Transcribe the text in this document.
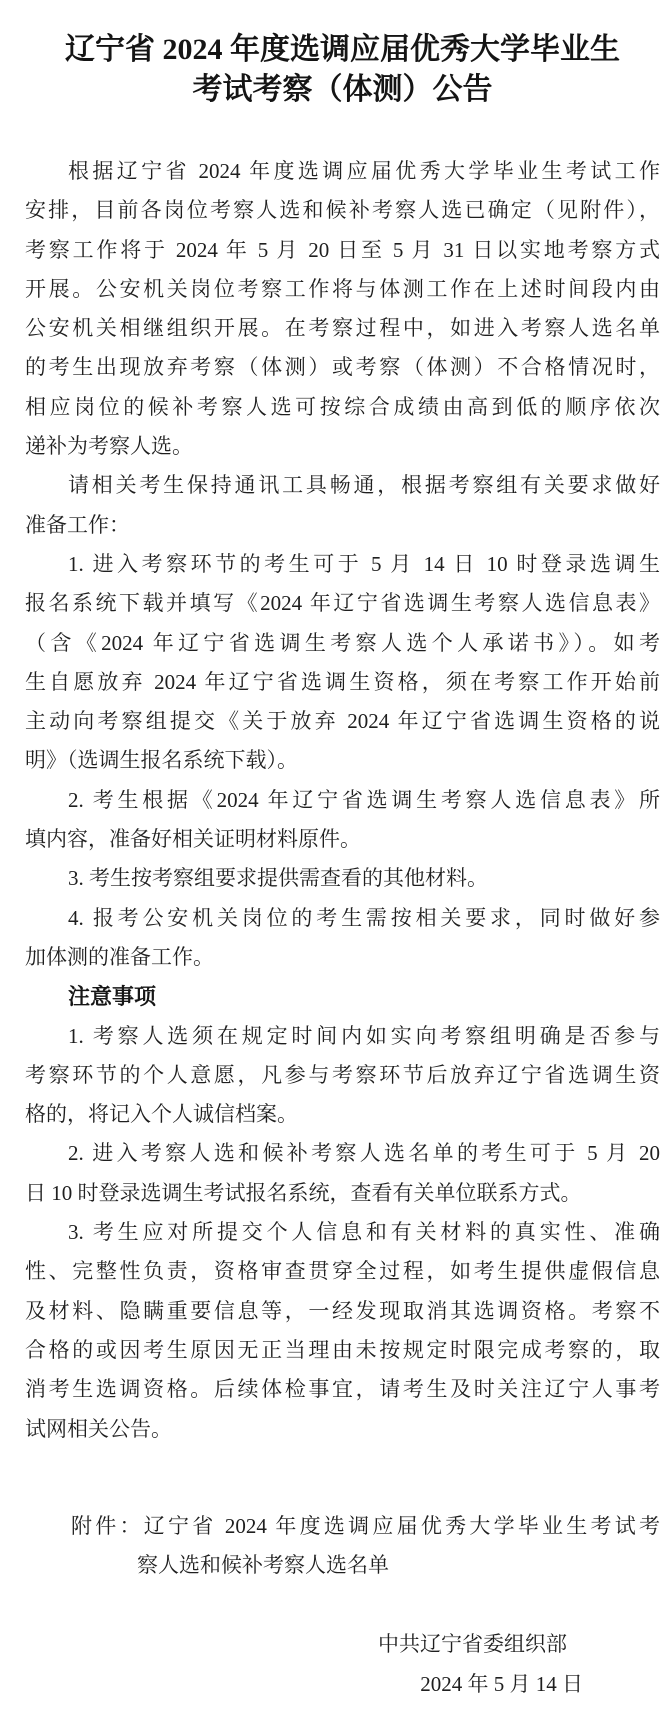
辽宁省 2024 年度选调应届优秀大学毕业生
考试考察（体测）公告
根据辽宁省 2024 年度选调应届优秀大学毕业生考试工作
安排，目前各岗位考察人选和候补考察人选已确定（见附件），
考察工作将于 2024 年 5 月 20 日至 5 月 31 日以实地考察方式
开展。公安机关岗位考察工作将与体测工作在上述时间段内由
公安机关相继组织开展。在考察过程中，如进入考察人选名单
的考生出现放弃考察（体测）或考察（体测）不合格情况时，
相应岗位的候补考察人选可按综合成绩由高到低的顺序依次
递补为考察人选。
请相关考生保持通讯工具畅通，根据考察组有关要求做好
准备工作：
1. 进入考察环节的考生可于 5 月 14 日 10 时登录选调生
报名系统下载并填写《2024 年辽宁省选调生考察人选信息表》
（含《2024 年辽宁省选调生考察人选个人承诺书》）。如考
生自愿放弃 2024 年辽宁省选调生资格，须在考察工作开始前
主动向考察组提交《关于放弃 2024 年辽宁省选调生资格的说
明》（选调生报名系统下载）。
2. 考生根据《2024 年辽宁省选调生考察人选信息表》所
填内容，准备好相关证明材料原件。
3. 考生按考察组要求提供需查看的其他材料。
4. 报考公安机关岗位的考生需按相关要求，同时做好参
加体测的准备工作。
注意事项
1. 考察人选须在规定时间内如实向考察组明确是否参与
考察环节的个人意愿，凡参与考察环节后放弃辽宁省选调生资
格的，将记入个人诚信档案。
2. 进入考察人选和候补考察人选名单的考生可于 5 月 20
日 10 时登录选调生考试报名系统，查看有关单位联系方式。
3. 考生应对所提交个人信息和有关材料的真实性、准确
性、完整性负责，资格审查贯穿全过程，如考生提供虚假信息
及材料、隐瞒重要信息等，一经发现取消其选调资格。考察不
合格的或因考生原因无正当理由未按规定时限完成考察的，取
消考生选调资格。后续体检事宜，请考生及时关注辽宁人事考
试网相关公告。
附件：辽宁省 2024 年度选调应届优秀大学毕业生考试考
察人选和候补考察人选名单
中共辽宁省委组织部
2024 年 5 月 14 日
